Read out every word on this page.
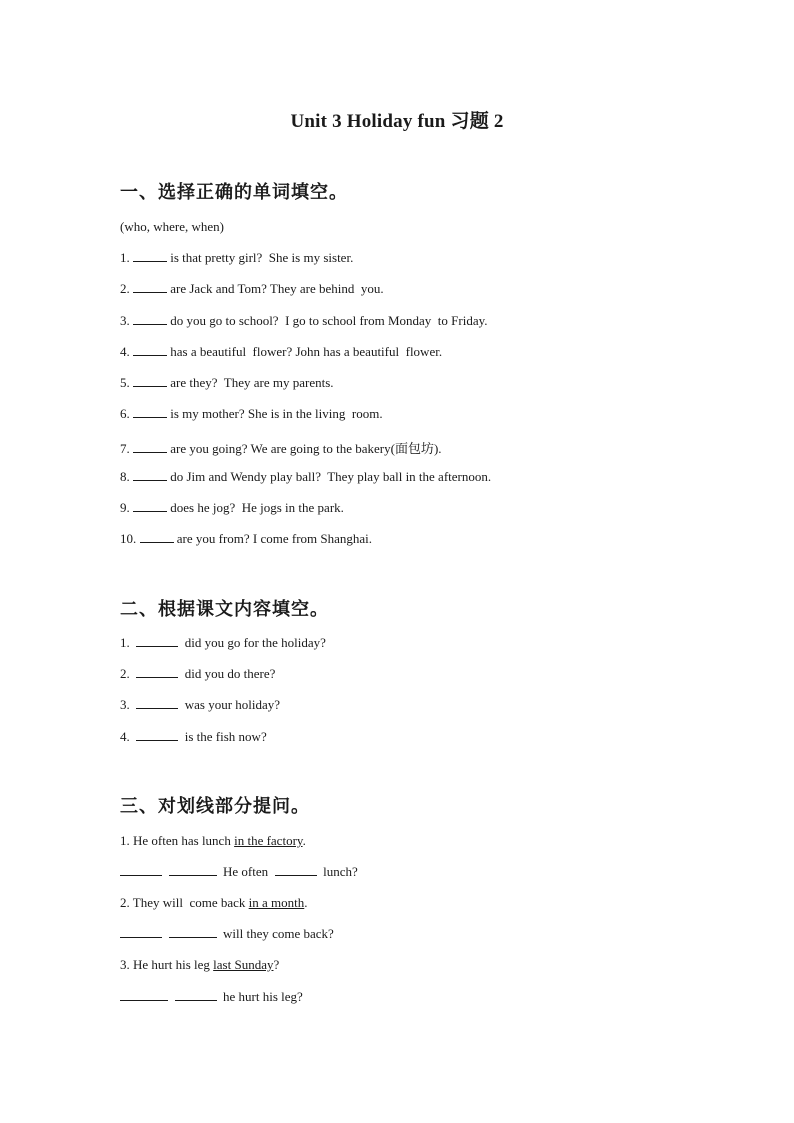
Unit 3 Holiday fun 习题 2
一、选择正确的单词填空。
(who, where, when)
1.	is that pretty girl?  She is my sister.
2.	are Jack and Tom? They are behind  you.
3.	do you go to school?  I go to school from Monday  to Friday.
4.	has a beautiful  flower? John has a beautiful  flower.
5.	are they?  They are my parents.
6.	is my mother? She is in the living  room.
7.	are you going? We are going to the bakery(面包坊).
8.	do Jim and Wendy play ball?  They play ball in the afternoon.
9.	does he jog?  He jogs in the park.
10.	are you from? I come from Shanghai.
二、根据课文内容填空。
1.	did you go for the holiday?
2.	did you do there?
3.	was your holiday?
4.	is the fish now?
三、对划线部分提问。
1. He often has lunch in the factory.
He often	lunch?
2. They will  come back in a month.
will they come back?
3. He hurt his leg last Sunday?
he hurt his leg?
